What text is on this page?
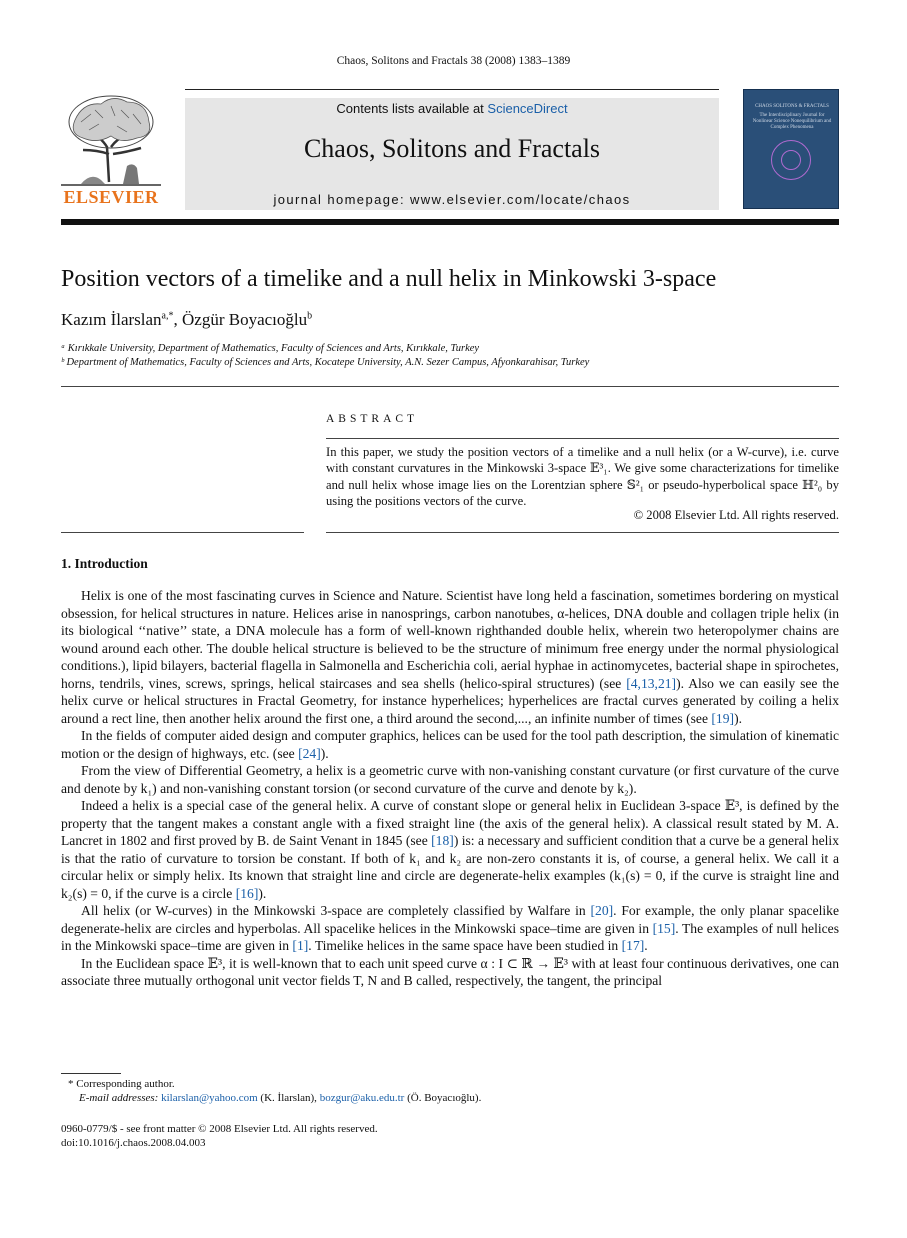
Chaos, Solitons and Fractals 38 (2008) 1383–1389
ELSEVIER
Contents lists available at ScienceDirect
Chaos, Solitons and Fractals
journal homepage: www.elsevier.com/locate/chaos
CHAOS SOLITONS & FRACTALS
The Interdisciplinary Journal for Nonlinear Science Nonequilibrium and Complex Phenomena
Position vectors of a timelike and a null helix in Minkowski 3-space
Kazım İlarslan$^{a,*}$, Özgür Boyacıoğlu$^b$
ᵃ Kırıkkale University, Department of Mathematics, Faculty of Sciences and Arts, Kırıkkale, Turkey
ᵇ Department of Mathematics, Faculty of Sciences and Arts, Kocatepe University, A.N. Sezer Campus, Afyonkarahisar, Turkey
ABSTRACT
In this paper, we study the position vectors of a timelike and a null helix (or a W-curve), i.e. curve with constant curvatures in the Minkowski 3-space 𝔼³₁. We give some characterizations for timelike and null helix whose image lies on the Lorentzian sphere 𝕊²₁ or pseudo-hyperbolical space ℍ²₀ by using the positions vectors of the curve.
© 2008 Elsevier Ltd. All rights reserved.
1. Introduction

Helix is one of the most fascinating curves in Science and Nature. Scientist have long held a fascination, sometimes bordering on mystical obsession, for helical structures in nature. Helices arise in nanosprings, carbon nanotubes, α-helices, DNA double and collagen triple helix (in its biological ‘‘native’’ state, a DNA molecule has a form of well-known righthanded double helix, wherein two heteropolymer chains are wound around each other. The double helical structure is believed to be the structure of minimum free energy under the normal physiological conditions.), lipid bilayers, bacterial flagella in Salmonella and Escherichia coli, aerial hyphae in actinomycetes, bacterial shape in spirochetes, horns, tendrils, vines, screws, springs, helical staircases and sea shells (helico-spiral structures) (see [4,13,21]). Also we can easily see the helix curve or helical structures in Fractal Geometry, for instance hyperhelices; hyperhelices are fractal curves generated by coiling a helix around a rect line, then another helix around the first one, a third around the second,..., an infinite number of times (see [19]).

In the fields of computer aided design and computer graphics, helices can be used for the tool path description, the simulation of kinematic motion or the design of highways, etc. (see [24]).

From the view of Differential Geometry, a helix is a geometric curve with non-vanishing constant curvature (or first curvature of the curve and denote by k₁) and non-vanishing constant torsion (or second curvature of the curve and denote by k₂).

Indeed a helix is a special case of the general helix. A curve of constant slope or general helix in Euclidean 3-space 𝔼³, is defined by the property that the tangent makes a constant angle with a fixed straight line (the axis of the general helix). A classical result stated by M. A. Lancret in 1802 and first proved by B. de Saint Venant in 1845 (see [18]) is: a necessary and sufficient condition that a curve be a general helix is that the ratio of curvature to torsion be constant. If both of k₁ and k₂ are non-zero constants it is, of course, a general helix. We call it a circular helix or simply helix. Its known that straight line and circle are degenerate-helix examples (k₁(s) = 0, if the curve is straight line and k₂(s) = 0, if the curve is a circle [16]).

All helix (or W-curves) in the Minkowski 3-space are completely classified by Walfare in [20]. For example, the only planar spacelike degenerate-helix are circles and hyperbolas. All spacelike helices in the Minkowski space–time are given in [15]. The examples of null helices in the Minkowski space–time are given in [1]. Timelike helices in the same space have been studied in [17].

In the Euclidean space 𝔼³, it is well-known that to each unit speed curve α : I ⊂ ℝ → 𝔼³ with at least four continuous derivatives, one can associate three mutually orthogonal unit vector fields T, N and B called, respectively, the tangent, the principal

* Corresponding author.
E-mail addresses: kilarslan@yahoo.com (K. İlarslan), bozgur@aku.edu.tr (Ö. Boyacıoğlu).
0960-0779/$ - see front matter © 2008 Elsevier Ltd. All rights reserved.
doi:10.1016/j.chaos.2008.04.003
